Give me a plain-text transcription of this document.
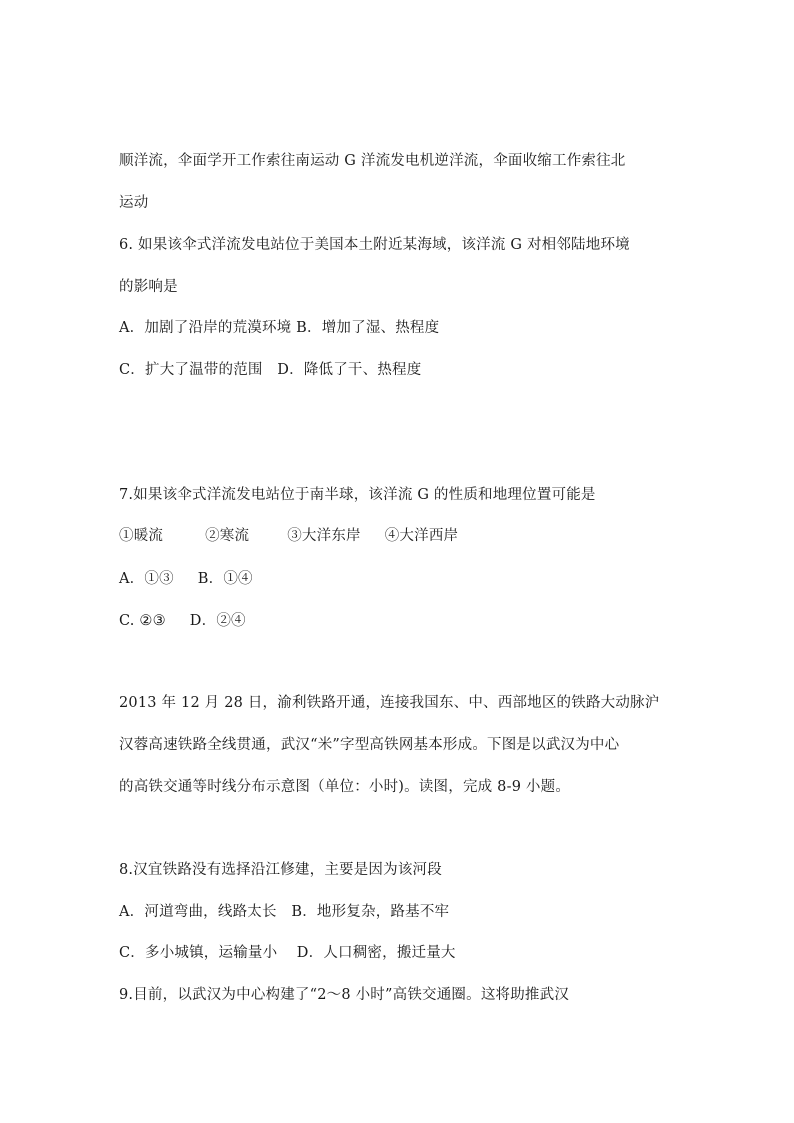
顺洋流，伞面学开工作索往南运动 G 洋流发电机逆洋流，伞面收缩工作索往北
运动
6. 如果该伞式洋流发电站位于美国本土附近某海域，该洋流 G 对相邻陆地环境
的影响是
A．加剧了沿岸的荒漠环境 B．增加了湿、热程度
C．扩大了温带的范围　D．降低了干、热程度
7.如果该伞式洋流发电站位于南半球，该洋流 G 的性质和地理位置可能是
①暖流	②寒流	③大洋东岸 ④大洋西岸
A．①③ B．①④
C. ②③ D．②④
2013 年 12 月 28 日，渝利铁路开通，连接我国东、中、西部地区的铁路大动脉沪
汉蓉高速铁路全线贯通，武汉“米”字型高铁网基本形成。下图是以武汉为中心
的高铁交通等时线分布示意图（单位：小时)。读图，完成 8-9 小题。
8.汉宜铁路没有选择沿江修建，主要是因为该河段
A．河道弯曲，线路太长　B．地形复杂，路基不牢
C．多小城镇，运输量小　 D．人口稠密，搬迁量大
9.目前，以武汉为中心构建了“2～8 小时”高铁交通圈。这将助推武汉
